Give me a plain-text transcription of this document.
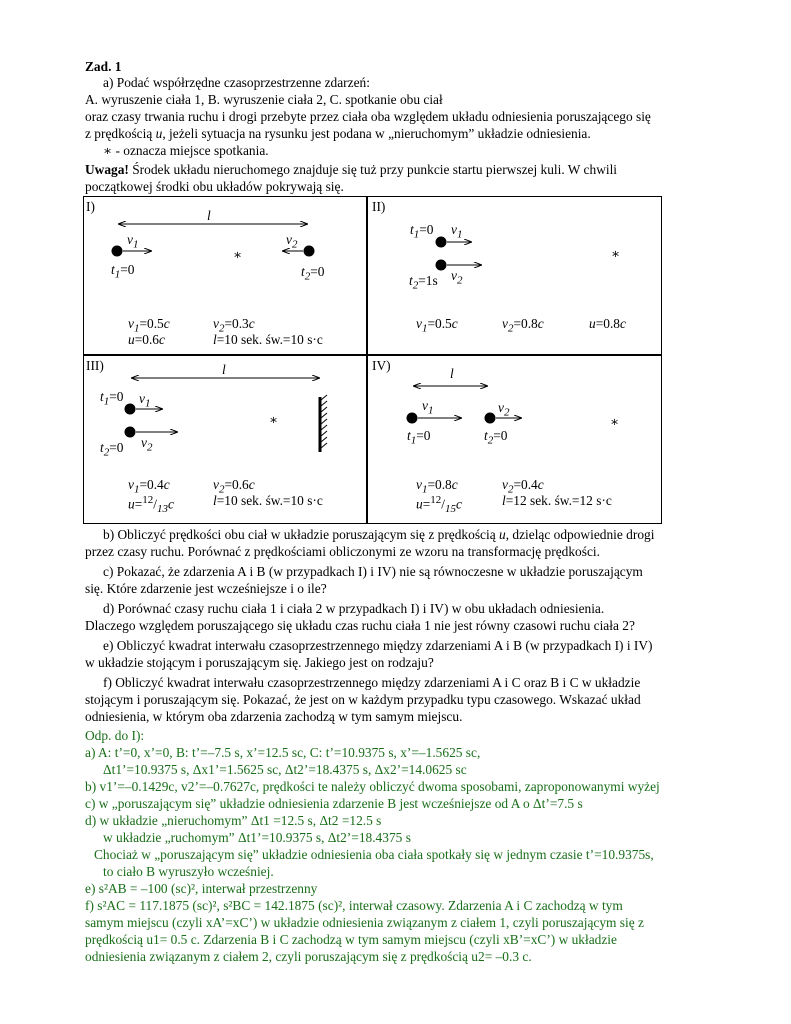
Zad. 1
a) Podać współrzędne czasoprzestrzenne zdarzeń:
A. wyruszenie ciała 1, B. wyruszenie ciała 2, C. spotkanie obu ciał
oraz czasy trwania ruchu i drogi przebyte przez ciała oba względem układu odniesienia poruszającego się
z prędkością u, jeżeli sytuacja na rysunku jest podana w „nieruchomym” układzie odniesienia.
∗ - oznacza miejsce spotkania.
Uwaga! Środek układu nieruchomego znajduje się tuż przy punkcie startu pierwszej kuli. W chwili
początkowej środki obu układów pokrywają się.
I)
l
$v_1$	$v_2$
∗
$t_1=0$	$t_2=0$
$v_1=0.5c$	$v_2=0.3c$
u=0.6c	l=10 sek. św.=10 s·c
II)
$t_1=0$ $v_1$
∗
$v_2$
$t_2=1s$
$v_1=0.5c$	$v_2=0.8c$	u=0.8c
III)	l
$t_1=0$ $v_1$
∗
$v_2$
$t_2=0$
$v_1=0.4c$	$v_2=0.6c$
$u=^{12}/_{13}c$	l=10 sek. św.=10 s·c
IV)
l
$v_1$	$v_2$
∗
$t_1=0$	$t_2=0$
$v_1=0.8c$	$v_2=0.4c$
$u=^{12}/_{15}c$	l=12 sek. św.=12 s·c
b) Obliczyć prędkości obu ciał w układzie poruszającym się z prędkością u, dzieląc odpowiednie drogi
przez czasy ruchu. Porównać z prędkościami obliczonymi ze wzoru na transformację prędkości.
c) Pokazać, że zdarzenia A i B (w przypadkach I) i IV) nie są równoczesne w układzie poruszającym
się. Które zdarzenie jest wcześniejsze i o ile?
d) Porównać czasy ruchu ciała 1 i ciała 2 w przypadkach I) i IV) w obu układach odniesienia.
Dlaczego względem poruszającego się układu czas ruchu ciała 1 nie jest równy czasowi ruchu ciała 2?
e) Obliczyć kwadrat interwału czasoprzestrzennego między zdarzeniami A i B (w przypadkach I) i IV)
w układzie stojącym i poruszającym się. Jakiego jest on rodzaju?
f) Obliczyć kwadrat interwału czasoprzestrzennego między zdarzeniami A i C oraz B i C w układzie
stojącym i poruszającym się. Pokazać, że jest on w każdym przypadku typu czasowego. Wskazać układ
odniesienia, w którym oba zdarzenia zachodzą w tym samym miejscu.
Odp. do I):
a) A: t’=0, x’=0, B: t’=–7.5 s, x’=12.5 sc, C: t’=10.9375 s, x’=–1.5625 sc,
Δt1’=10.9375 s, Δx1’=1.5625 sc, Δt2’=18.4375 s, Δx2’=14.0625 sc
b) v1’=–0.1429c, v2’=–0.7627c, prędkości te należy obliczyć dwoma sposobami, zaproponowanymi wyżej
c) w „poruszającym się” układzie odniesienia zdarzenie B jest wcześniejsze od A o Δt’=7.5 s
d) w układzie „nieruchomym” Δt1 =12.5 s, Δt2 =12.5 s
w układzie „ruchomym” Δt1’=10.9375 s, Δt2’=18.4375 s
Chociaż w „poruszającym się” układzie odniesienia oba ciała spotkały się w jednym czasie t’=10.9375s,
to ciało B wyruszyło wcześniej.
e) s²AB = –100 (sc)², interwał przestrzenny
f) s²AC = 117.1875 (sc)², s²BC = 142.1875 (sc)², interwał czasowy. Zdarzenia A i C zachodzą w tym
samym miejscu (czyli xA’=xC’) w układzie odniesienia związanym z ciałem 1, czyli poruszającym się z
prędkością u1= 0.5 c. Zdarzenia B i C zachodzą w tym samym miejscu (czyli xB’=xC’) w układzie
odniesienia związanym z ciałem 2, czyli poruszającym się z prędkością u2= –0.3 c.
